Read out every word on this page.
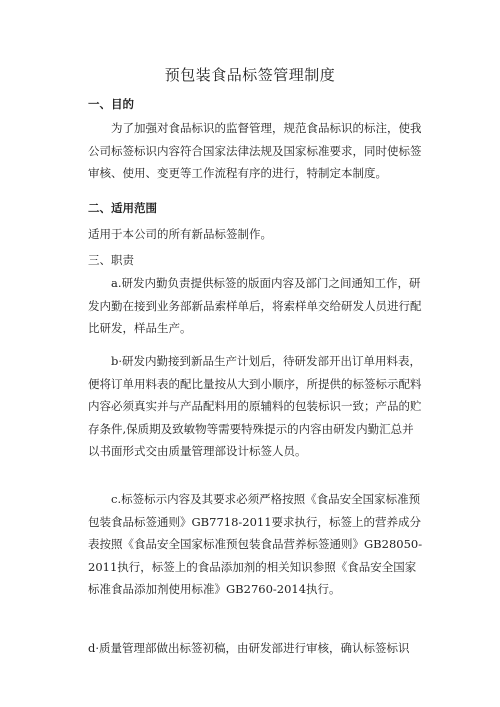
预包装食品标签管理制度
一、目的
为了加强对食品标识的监督管理，规范食品标识的标注，使我公司标签标识内容符合国家法律法规及国家标准要求，同时使标签审核、使用、变更等工作流程有序的进行，特制定本制度。
二、适用范围
适用于本公司的所有新品标签制作。
三、职责
a.研发内勤负责提供标签的版面内容及部门之间通知工作，研发内勤在接到业务部新品索样单后，将索样单交给研发人员进行配比研发，样品生产。
b·研发内勤接到新品生产计划后，待研发部开出订单用料表，便将订单用料表的配比量按从大到小顺序，所提供的标签标示配料内容必须真实并与产品配料用的原辅料的包装标识一致；产品的贮存条件,保质期及致敏物等需要特殊提示的内容由研发内勤汇总并以书面形式交由质量管理部设计标签人员。
c.标签标示内容及其要求必须严格按照《食品安全国家标准预包装食品标签通则》GB7718-2011要求执行，标签上的营养成分表按照《食品安全国家标准预包装食品营养标签通则》GB28050-2011执行，标签上的食品添加剂的相关知识参照《食品安全国家标准食品添加剂使用标准》GB2760-2014执行。
d·质量管理部做出标签初稿，由研发部进行审核，确认标签标识
